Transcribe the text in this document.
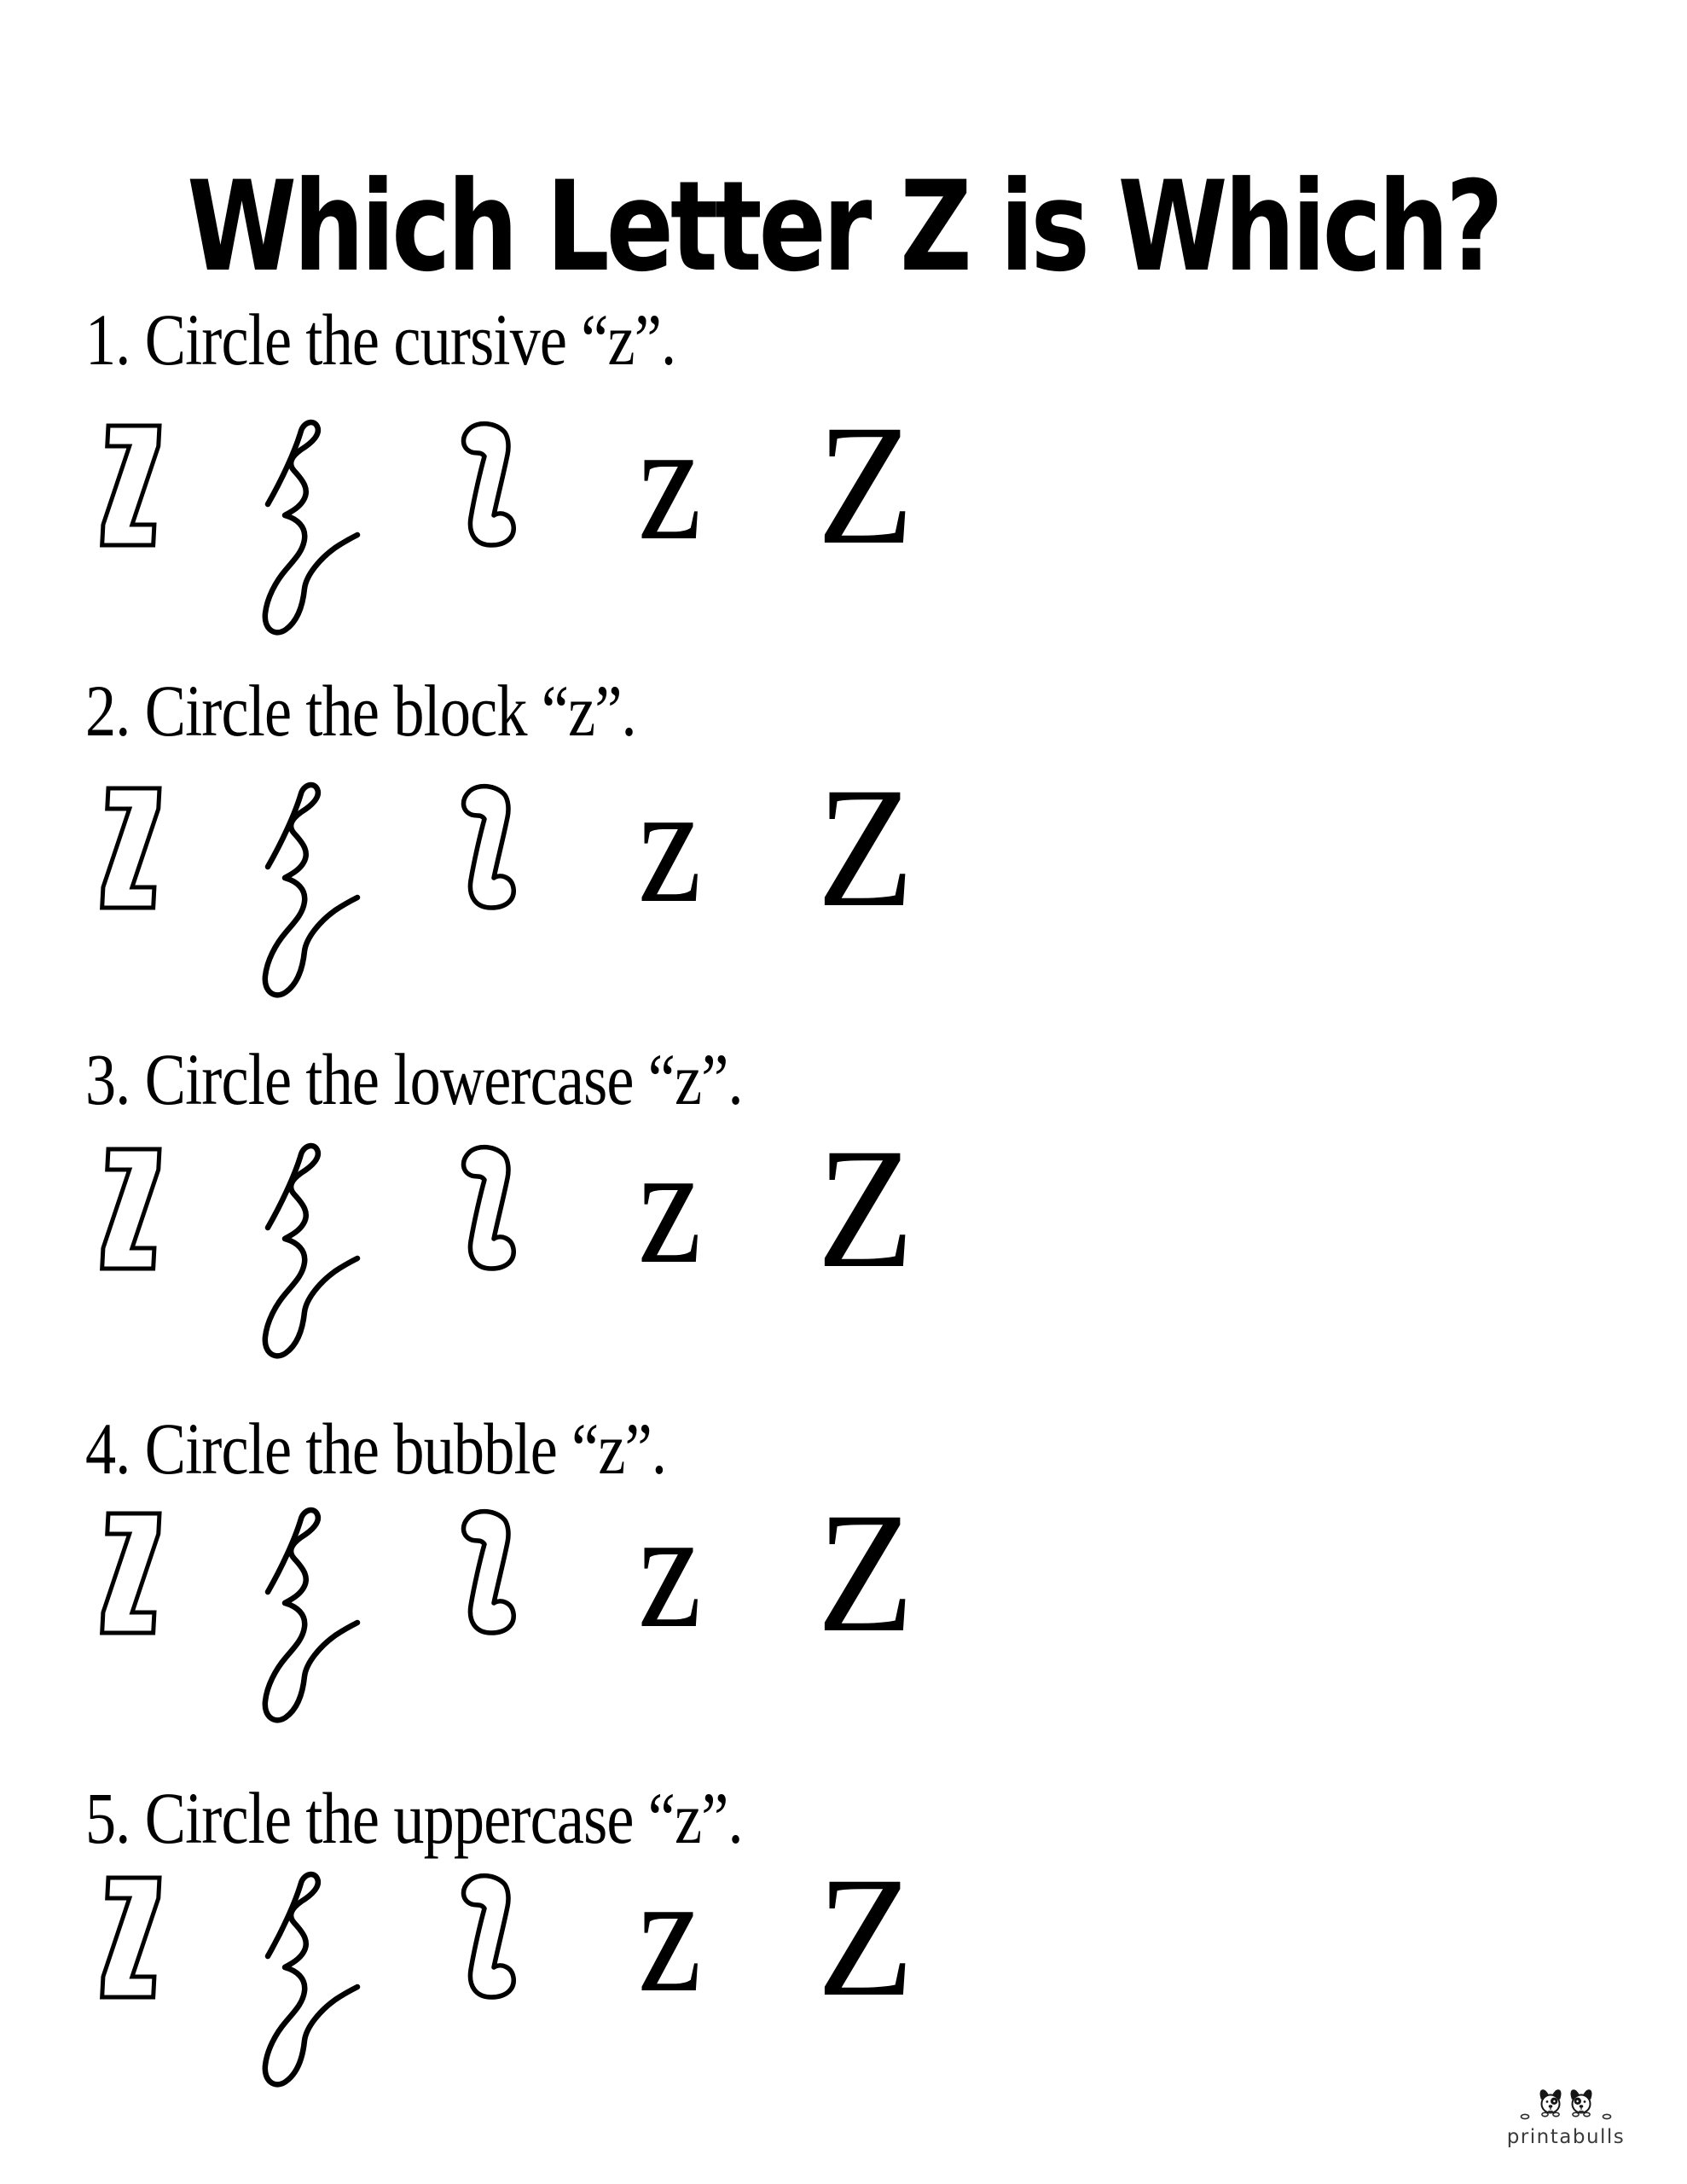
Which Letter Z is Which?

1. Circle the cursive “z”.

z Z

2. Circle the block “z”.

z Z

3. Circle the lowercase “z”.

z Z

4. Circle the bubble “z”.

z Z

5. Circle the uppercase “z”.

z Z
printabulls
